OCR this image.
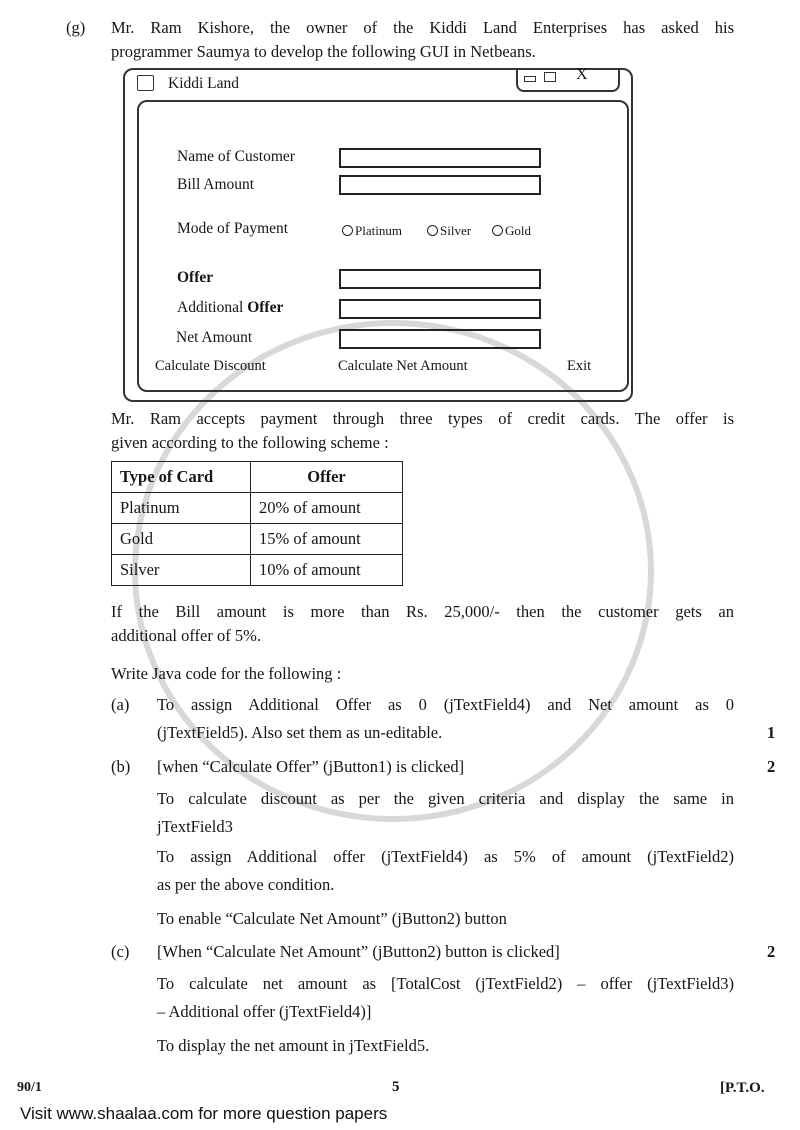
(g) Mr. Ram Kishore, the owner of the Kiddi Land Enterprises has asked his
programmer Saumya to develop the following GUI in Netbeans.
Kiddi Land
X
Name of Customer
Bill Amount
Mode of Payment	Platinum	Silver	Gold
Offer
Additional Offer
Net Amount
Calculate Discount	Calculate Net Amount	Exit
Mr. Ram accepts payment through three types of credit cards. The offer is
given according to the following scheme :
Type of Card	Offer
Platinum	20% of amount
Gold	15% of amount
Silver	10% of amount
If the Bill amount is more than Rs. 25,000/- then the customer gets an
additional offer of 5%.
Write Java code for the following :
(a) To assign Additional Offer as 0 (jTextField4) and Net amount as 0
(jTextField5). Also set them as un-editable.	1
(b) [when “Calculate Offer” (jButton1) is clicked]	2
To calculate discount as per the given criteria and display the same in
jTextField3
To assign Additional offer (jTextField4) as 5% of amount (jTextField2)
as per the above condition.
To enable “Calculate Net Amount” (jButton2) button
(c) [When “Calculate Net Amount” (jButton2) button is clicked]	2
To calculate net amount as [TotalCost (jTextField2) – offer (jTextField3)
– Additional offer (jTextField4)]
To display the net amount in jTextField5.
90/1	5	[P.T.O.
Visit www.shaalaa.com for more question papers
